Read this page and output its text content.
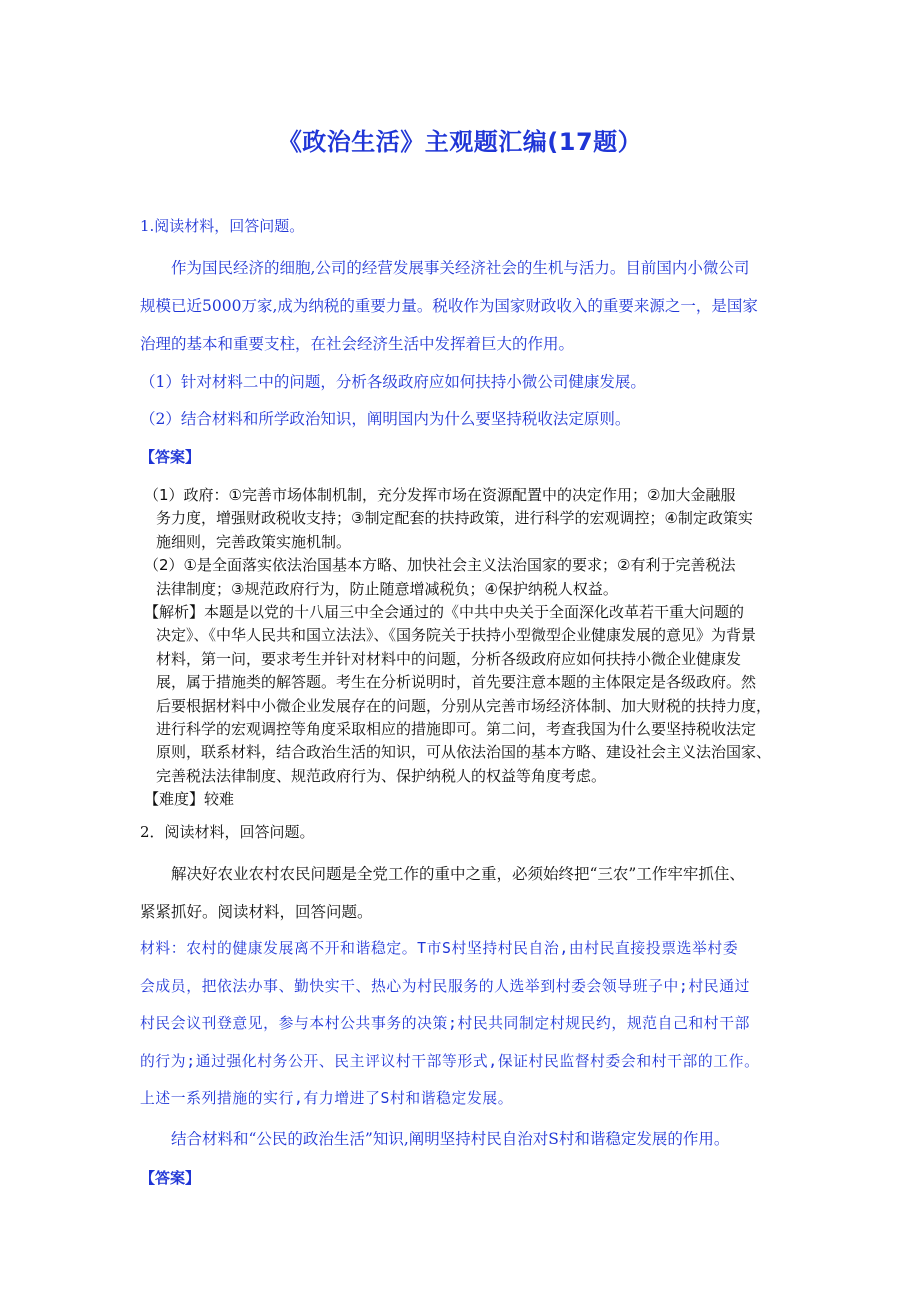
《政治生活》主观题汇编(17题）
1.阅读材料，回答问题。
作为国民经济的细胞,公司的经营发展事关经济社会的生机与活力。目前国内小微公司
规模已近5000万家,成为纳税的重要力量。税收作为国家财政收入的重要来源之一，是国家
治理的基本和重要支柱，在社会经济生活中发挥着巨大的作用。
（1）针对材料二中的问题，分析各级政府应如何扶持小微公司健康发展。
（2）结合材料和所学政治知识，阐明国内为什么要坚持税收法定原则。
【答案】

（1）政府：①完善市场体制机制，充分发挥市场在资源配置中的决定作用；②加大金融服

务力度，增强财政税收支持；③制定配套的扶持政策，进行科学的宏观调控；④制定政策实

施细则，完善政策实施机制。

（2）①是全面落实依法治国基本方略、加快社会主义法治国家的要求；②有利于完善税法

法律制度；③规范政府行为，防止随意增减税负；④保护纳税人权益。

【解析】本题是以党的十八届三中全会通过的《中共中央关于全面深化改革若干重大问题的

决定》、《中华人民共和国立法法》、《国务院关于扶持小型微型企业健康发展的意见》为背景

材料，第一问，要求考生并针对材料中的问题，分析各级政府应如何扶持小微企业健康发

展，属于措施类的解答题。考生在分析说明时，首先要注意本题的主体限定是各级政府。然

后要根据材料中小微企业发展存在的问题，分别从完善市场经济体制、加大财税的扶持力度，

进行科学的宏观调控等角度采取相应的措施即可。第二问，考查我国为什么要坚持税收法定

原则，联系材料，结合政治生活的知识，可从依法治国的基本方略、建设社会主义法治国家、

完善税法法律制度、规范政府行为、保护纳税人的权益等角度考虑。

【难度】较难

2．阅读材料，回答问题。
解决好农业农村农民问题是全党工作的重中之重，必须始终把“三农”工作牢牢抓住、
紧紧抓好。阅读材料，回答问题。
材料：农村的健康发展离不开和谐稳定。T市S村坚持村民自治,由村民直接投票选举村委
会成员，把依法办事、勤快实干、热心为村民服务的人选举到村委会领导班子中;村民通过
村民会议刊登意见，参与本村公共事务的决策;村民共同制定村规民约，规范自己和村干部
的行为;通过强化村务公开、民主评议村干部等形式,保证村民监督村委会和村干部的工作。
上述一系列措施的实行,有力增进了S村和谐稳定发展。
结合材料和“公民的政治生活”知识,阐明坚持村民自治对S村和谐稳定发展的作用。
【答案】
